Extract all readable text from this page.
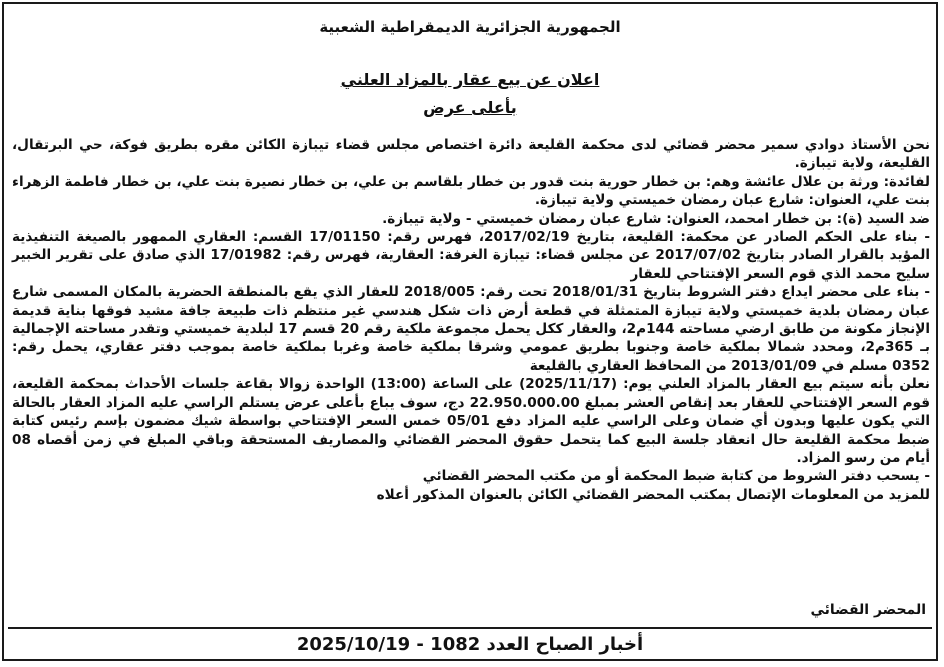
الجمهورية الجزائرية الديمقراطية الشعبية
اعلان عن بيع عقار بالمزاد العلني
بأعلى عرض

نحن الأستاذ دوادي سمير محضر قضائي لدى محكمة القليعة دائرة اختصاص مجلس قضاء تيبازة الكائن مقره بطريق فوكة، حي البرتقال، القليعة، ولاية تيبازة.

لفائدة: ورثة بن علال عائشة وهم: بن خطار حورية بنت قدور بن خطار بلقاسم بن علي، بن خطار نصيرة بنت علي، بن خطار فاطمة الزهراء بنت علي، العنوان: شارع عبان رمضان خميستي ولاية تيبازة.

ضد السيد (ة): بن خطار امحمد، العنوان: شارع عبان رمضان خميستي - ولاية تيبازة.

- بناء على الحكم الصادر عن محكمة: القليعة، بتاريخ 2017/02/19، فهرس رقم: 17/01150 القسم: العقاري الممهور بالصيغة التنفيذية المؤيد بالقرار الصادر بتاريخ 2017/07/02 عن مجلس قضاء: تيبازة الغرفة: العقارية، فهرس رقم: 17/01982 الذي صادق على تقرير الخبير سليح محمد الذي قوم السعر الإفتتاحي للعقار

- بناء على محضر ايداع دفتر الشروط بتاريخ 2018/01/31 تحت رقم: 2018/005 للعقار الذي يقع بالمنطقة الحضرية بالمكان المسمى شارع عبان رمضان بلدية خميستي ولاية تيبازة المتمثلة في قطعة أرض ذات شكل هندسي غير منتظم ذات طبيعة جافة مشيد فوقها بناية قديمة الإنجاز مكونة من طابق ارضي مساحته 144م2، والعقار ككل يحمل مجموعة ملكية رقم 20 قسم 17 لبلدية خميستي وتقدر مساحته الإجمالية بـ 365م2، ومحدد شمالا بملكية خاصة وجنوبا بطريق عمومي وشرقا بملكية خاصة وغربا بملكية خاصة بموجب دفتر عقاري، يحمل رقم: 0352 مسلم في 2013/01/09 من المحافظ العقاري بالقليعة

نعلن بأنه سيتم بيع العقار بالمزاد العلني يوم: (2025/11/17) على الساعة (13:00) الواحدة زوالا بقاعة جلسات الأحداث بمحكمة القليعة، قوم السعر الإفتتاحي للعقار بعد إنقاص العشر بمبلغ 22.950.000.00 دج، سوف يباع بأعلى عرض يستلم الراسي عليه المزاد العقار بالحالة التي يكون عليها وبدون أي ضمان وعلى الراسي عليه المزاد دفع 05/01 خمس السعر الإفتتاحي بواسطة شيك مضمون بإسم رئيس كتابة ضبط محكمة القليعة حال انعقاد جلسة البيع كما يتحمل حقوق المحضر القضائي والمصاريف المستحقة وباقي المبلغ في زمن أقصاه 08 أيام من رسو المزاد.

- يسحب دفتر الشروط من كتابة ضبط المحكمة أو من مكتب المحضر القضائي

للمزيد من المعلومات الإتصال بمكتب المحضر القضائي الكائن بالعنوان المذكور أعلاه

المحضر القضائي
أخبار الصباح العدد 1082 - 2025/10/19
